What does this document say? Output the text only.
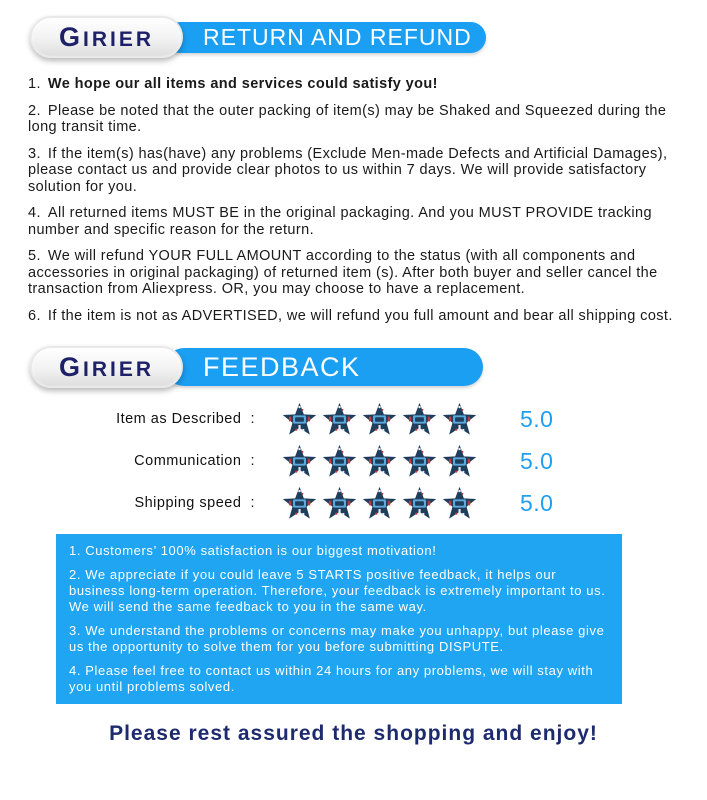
RETURN AND REFUND
GIRIER

1. We hope our all items and services could satisfy you!

2. Please be noted that the outer packing of item(s) may be Shaked and Squeezed during the long transit time.

3. If the item(s) has(have) any problems (Exclude Men-made Defects and Artificial Damages), please contact us and provide clear photos to us within 7 days. We will provide satisfactory solution for you.

4. All returned items MUST BE in the original packaging. And you MUST PROVIDE tracking number and specific reason for the return.

5. We will refund YOUR FULL AMOUNT according to the status (with all components and accessories in original packaging) of returned item (s). After both buyer and seller cancel the transaction from Aliexpress. OR, you may choose to have a replacement.

6. If the item is not as ADVERTISED, we will refund you full amount and bear all shipping cost.

FEEDBACK
GIRIER
Item as Described  :	5.0
Communication  :	5.0
Shipping speed  :	5.0

1. Customers’ 100% satisfaction is our biggest motivation!

2. We appreciate if you could leave 5 STARTS positive feedback, it helps our business long-term operation. Therefore, your feedback is extremely important to us. We will send the same feedback to you in the same way.

3. We understand the problems or concerns may make you unhappy, but please give us the opportunity to solve them for you before submitting DISPUTE.

4. Please feel free to contact us within 24 hours for any problems, we will stay with you until problems solved.

Please rest assured the shopping and enjoy!
